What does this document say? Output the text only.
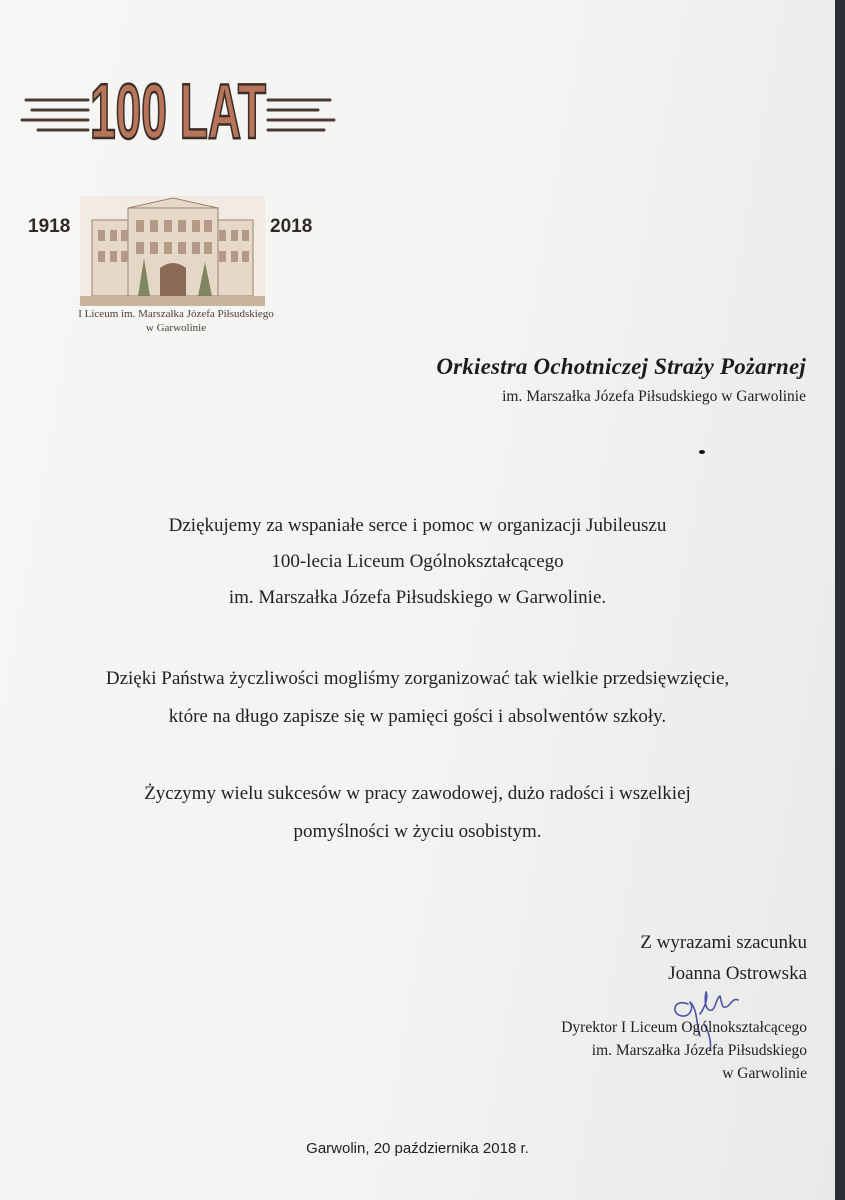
100 LAT
1918	2018
I Liceum im. Marszałka Józefa Piłsudskiego
w Garwolinie
Orkiestra Ochotniczej Straży Pożarnej
im. Marszałka Józefa Piłsudskiego w Garwolinie
Dziękujemy za wspaniałe serce i pomoc w organizacji Jubileuszu
100-lecia Liceum Ogólnokształcącego
im. Marszałka Józefa Piłsudskiego w Garwolinie.
Dzięki Państwa życzliwości mogliśmy zorganizować tak wielkie przedsięwzięcie,
które na długo zapisze się w pamięci gości i absolwentów szkoły.
Życzymy wielu sukcesów w pracy zawodowej, dużo radości i wszelkiej
pomyślności w życiu osobistym.
Z wyrazami szacunku
Joanna Ostrowska
Dyrektor I Liceum Ogólnokształcącego
im. Marszałka Józefa Piłsudskiego
w Garwolinie
Garwolin, 20 października 2018 r.
